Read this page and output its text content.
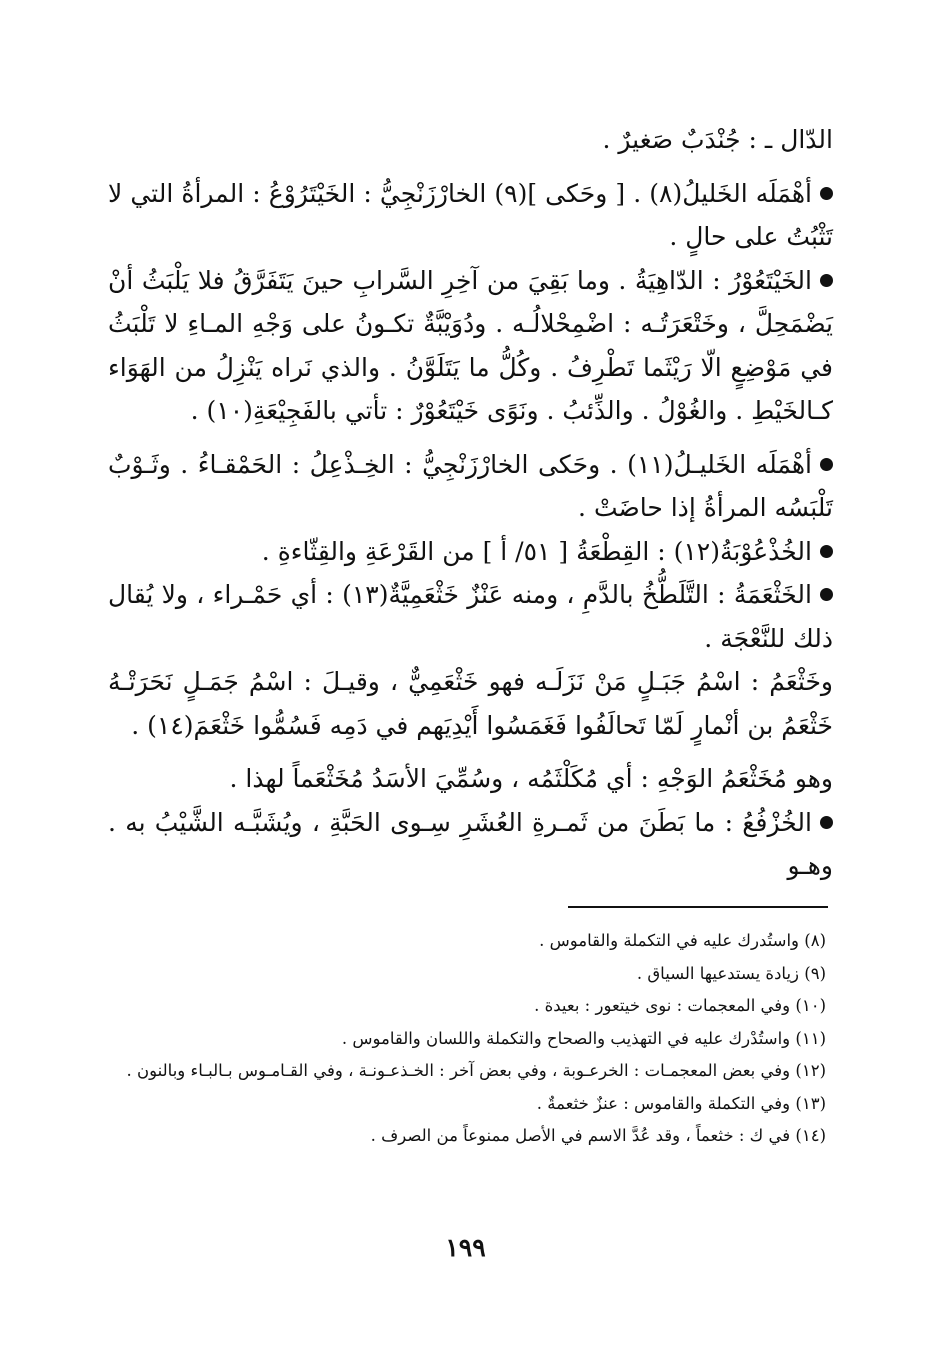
الدّال ـ : جُنْدَبٌ صَغيرٌ .

أهْمَلَه الخَليلُ(٨) . [ وحَكى ](٩) الخارْزَنْجِيُّ : الخَيْتَرُوْعُ : المرأةُ التي لا تَثْبُتُ على حالٍ .

الخَيْتَعُوْرُ : الدّاهِيَةُ . وما بَقِيَ من آخِرِ السَّرابِ حينَ يَتَفَرَّقُ فلا يَلْبَثُ أنْ يَضْمَحِلَّ ، وخَتْعَرَتُـه : اضْمِحْلالُـه . ودُوَيْبَّةٌ تكـونُ على وَجْهِ المـاءِ لا تَلْبَثُ في مَوْضِعٍ الّا رَيْثَما تَطْرِفُ . وكُلُّ ما يَتَلَوَّنُ . والذي نَراه يَنْزِلُ من الهَوَاء كـالخَيْطِ . والغُوْلُ . والذِّئبُ . ونَوًى خَيْتَعُوْرٌ : تأتي بالفَجِيْعَةِ(١٠) .

أهْمَلَه الخَليـلُ(١١) . وحَكى الخارْزَنْجِيُّ : الخِـذْعِلُ : الحَمْقـاءُ . وثَـوْبٌ تَلْبَسُه المرأةُ إذا حاضَتْ .

الخُذْعُوْبَةُ(١٢) : القِطْعَةُ [ ٥١/ أ ] من القَرْعَةِ والقِثّاءةِ .

الخَثْعَمَةُ : التَّلَطُّخُ بالدَّمِ ، ومنه عَنْزٌ خَثْعَمِيَّةٌ(١٣) : أي حَمْـراء ، ولا يُقال ذلك للنَّعْجَة .

وخَثْعَمُ : اسْمُ جَبَـلٍ مَنْ نَزَلَـه فهو خَثْعَمِيٌّ ، وقيـلَ : اسْمُ جَمَـلٍ نَحَرَتْـهُ خَثْعَمُ بن أنْمارٍ لَمّا تَحالَفُوا فَغَمَسُوا أَيْدِيَهم في دَمِه فَسُمُّوا خَثْعَمَ(١٤) .

وهو مُخَثْعَمُ الوَجْهِ : أي مُكَلْثَمُه ، وسُمِّيَ الأسَدُ مُخَثْعَماً لهذا .

الخُزْفُعُ : ما بَطَنَ من ثَمـرةِ العُشَرِ سِـوى الحَبَّةِ ، ويُشَبَّـه الشَّيْبُ به . وهـو

(٨) واستُدرك عليه في التكملة والقاموس .

(٩) زيادة يستدعيها السياق .

(١٠) وفي المعجمات : نوى خيتعور : بعيدة .

(١١) واستُدْرك عليه في التهذيب والصحاح والتكملة واللسان والقاموس .

(١٢) وفي بعض المعجمـات : الخرعـوبة ، وفي بعض آخر : الخـذعـونـة ، وفي القـامـوس بـالبـاء وبالنون .

(١٣) وفي التكملة والقاموس : عنزٌ خثعمةٌ .

(١٤) في ك : خثعماً ، وقد عُدَّ الاسم في الأصل ممنوعاً من الصرف .

١٩٩
